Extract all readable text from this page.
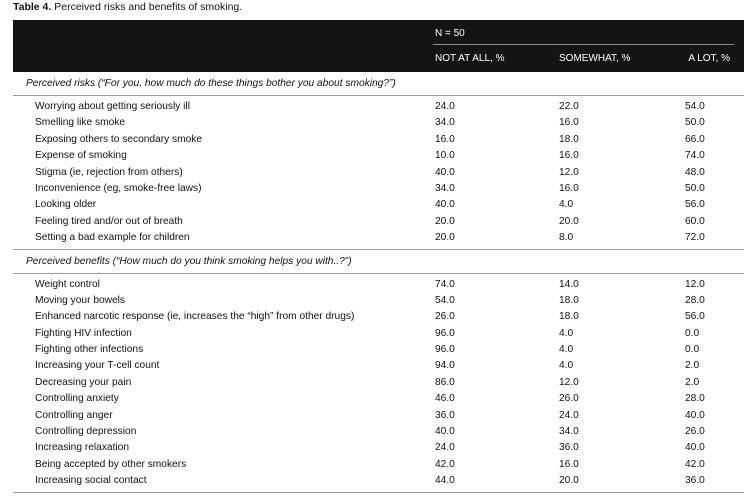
Table 4. Perceived risks and benefits of smoking.
N = 50
NOT AT ALL, %	SOMEWHAT, %	A LOT, %
Perceived risks (“For you, how much do these things bother you about smoking?”)
Worrying about getting seriously ill	24.0	22.0	54.0
Smelling like smoke	34.0	16.0	50.0
Exposing others to secondary smoke	16.0	18.0	66.0
Expense of smoking	10.0	16.0	74.0
Stigma (ie, rejection from others)	40.0	12.0	48.0
Inconvenience (eg, smoke-free laws)	34.0	16.0	50.0
Looking older	40.0	4.0	56.0
Feeling tired and/or out of breath	20.0	20.0	60.0
Setting a bad example for children	20.0	8.0	72.0
Perceived benefits (“How much do you think smoking helps you with..?”)
Weight control	74.0	14.0	12.0
Moving your bowels	54.0	18.0	28.0
Enhanced narcotic response (ie, increases the “high” from other drugs)	26.0	18.0	56.0
Fighting HIV infection	96.0	4.0	0.0
Fighting other infections	96.0	4.0	0.0
Increasing your T-cell count	94.0	4.0	2.0
Decreasing your pain	86.0	12.0	2.0
Controlling anxiety	46.0	26.0	28.0
Controlling anger	36.0	24.0	40.0
Controlling depression	40.0	34.0	26.0
Increasing relaxation	24.0	36.0	40.0
Being accepted by other smokers	42.0	16.0	42.0
Increasing social contact	44.0	20.0	36.0
